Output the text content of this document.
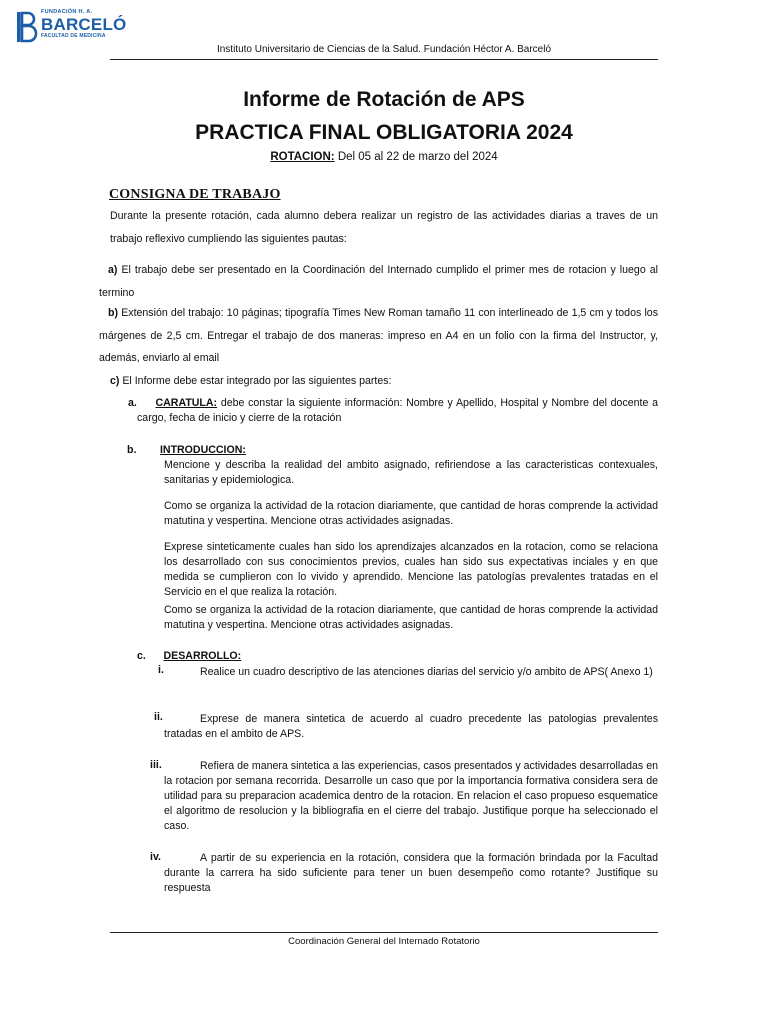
FUNDACIÓN H. A.
BARCELÓ
FACULTAD DE MEDICINA
Instituto Universitario de Ciencias de la Salud. Fundación Héctor A. Barceló
Informe de Rotación de APS
PRACTICA FINAL OBLIGATORIA 2024
ROTACION: Del 05 al 22 de marzo del 2024
CONSIGNA DE TRABAJO
Durante la presente rotación, cada alumno debera realizar un registro de las actividades diarias a traves de un trabajo reflexivo cumpliendo las siguientes pautas:
a) El trabajo debe ser presentado en la Coordinación del Internado cumplido el primer mes de rotacion y luego al termino
b) Extensión del trabajo: 10 páginas; tipografía Times New Roman tamaño 11 con interlineado de 1,5 cm y todos los márgenes de 2,5 cm. Entregar el trabajo de dos maneras: impreso en A4 en un folio con la firma del Instructor, y, además, enviarlo al email
c) El Informe debe estar integrado por las siguientes partes:
a. CARATULA: debe constar la siguiente información: Nombre y Apellido, Hospital y Nombre del docente a cargo, fecha de inicio y cierre de la rotación
b. INTRODUCCION:
Mencione y describa la realidad del ambito asignado, refiriendose a las caracteristicas contexuales, sanitarias y epidemiologica.
Como se organiza la actividad de la rotacion diariamente, que cantidad de horas comprende la actividad matutina y vespertina. Mencione otras actividades asignadas.
Exprese sinteticamente cuales han sido los aprendizajes alcanzados en la rotacion, como se relaciona los desarrollado con sus conocimientos previos, cuales han sido sus expectativas inciales y en que medida se cumplieron con lo vivido y aprendido. Mencione las patologías prevalentes tratadas en el Servicio en el que realiza la rotación.
Como se organiza la actividad de la rotacion diariamente, que cantidad de horas comprende la actividad matutina y vespertina. Mencione otras actividades asignadas.
c. DESARROLLO:
i.	Realice un cuadro descriptivo de las atenciones diarias del servicio y/o ambito de APS( Anexo 1)
ii.	Exprese de manera sintetica de acuerdo al cuadro precedente las patologias prevalentes tratadas en el ambito de APS.
iii.	Refiera de manera sintetica a las experiencias, casos presentados y actividades desarrolladas en la rotacion por semana recorrida. Desarrolle un caso que por la importancia formativa considera sera de utilidad para su preparacion academica dentro de la rotacion. En relacion el caso propueso esquematice el algoritmo de resolucion y la bibliografia en el cierre del trabajo. Justifique porque ha seleccionado el caso.
iv.	A partir de su experiencia en la rotación, considera que la formación brindada por la Facultad durante la carrera ha sido suficiente para tener un buen desempeño como rotante? Justifique su respuesta
Coordinación General del Internado Rotatorio
